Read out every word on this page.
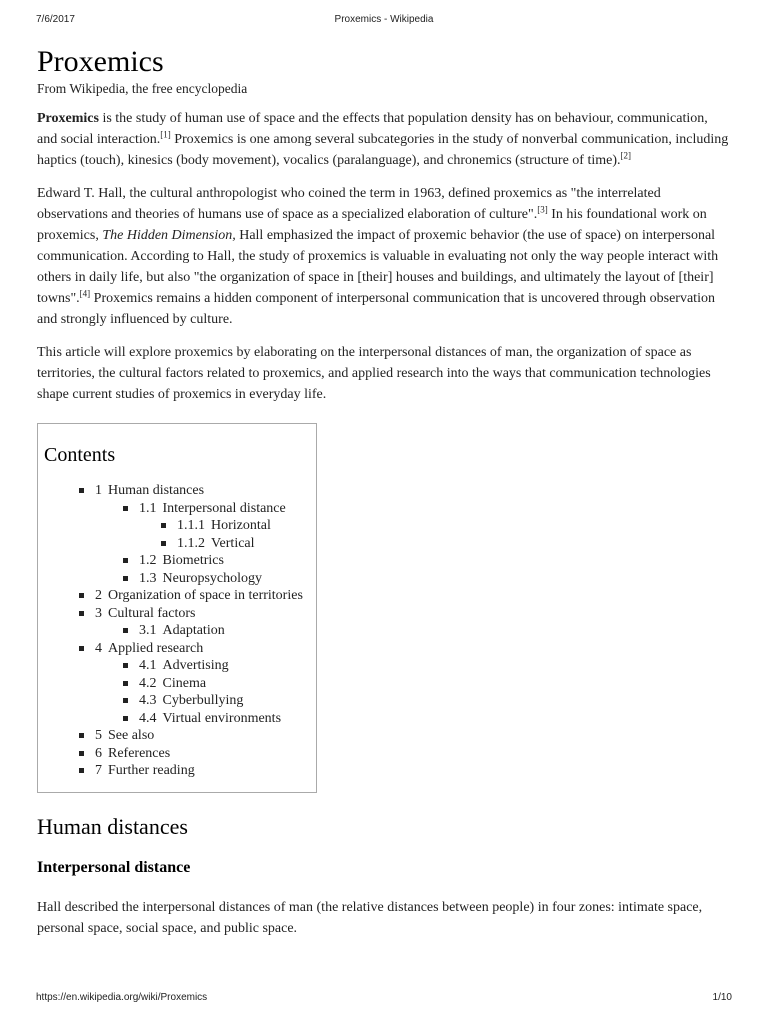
7/6/2017	Proxemics - Wikipedia
Proxemics
From Wikipedia, the free encyclopedia

Proxemics is the study of human use of space and the effects that population density has on behaviour, communication, and social interaction.[1] Proxemics is one among several subcategories in the study of nonverbal communication, including haptics (touch), kinesics (body movement), vocalics (paralanguage), and chronemics (structure of time).[2]

Edward T. Hall, the cultural anthropologist who coined the term in 1963, defined proxemics as "the interrelated observations and theories of humans use of space as a specialized elaboration of culture".[3] In his foundational work on proxemics, The Hidden Dimension, Hall emphasized the impact of proxemic behavior (the use of space) on interpersonal communication. According to Hall, the study of proxemics is valuable in evaluating not only the way people interact with others in daily life, but also "the organization of space in [their] houses and buildings, and ultimately the layout of [their] towns".[4] Proxemics remains a hidden component of interpersonal communication that is uncovered through observation and strongly influenced by culture.

This article will explore proxemics by elaborating on the interpersonal distances of man, the organization of space as territories, the cultural factors related to proxemics, and applied research into the ways that communication technologies shape current studies of proxemics in everyday life.

Contents
1 Human distances
1.1 Interpersonal distance
1.1.1 Horizontal
1.1.2 Vertical
1.2 Biometrics
1.3 Neuropsychology
2 Organization of space in territories
3 Cultural factors
3.1 Adaptation
4 Applied research
4.1 Advertising
4.2 Cinema
4.3 Cyberbullying
4.4 Virtual environments
5 See also
6 References
7 Further reading
Human distances
Interpersonal distance

Hall described the interpersonal distances of man (the relative distances between people) in four zones: intimate space, personal space, social space, and public space.

https://en.wikipedia.org/wiki/Proxemics	1/10
